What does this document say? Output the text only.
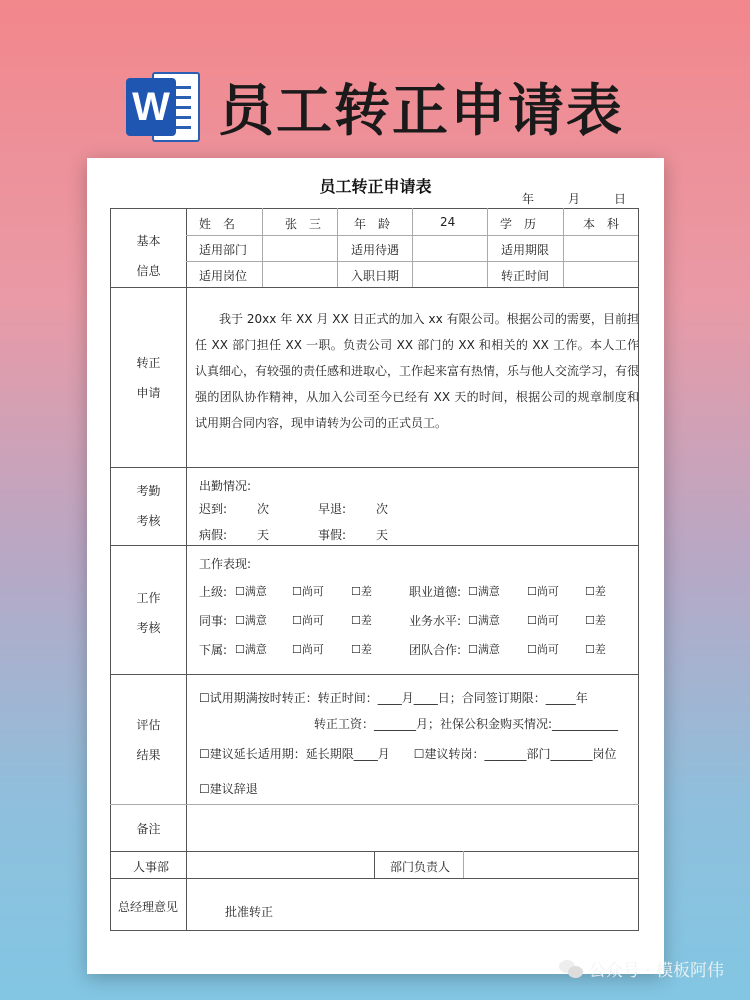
W 员工转正申请表
员工转正申请表
年	月	日
基本
信息
姓　名	张　三	年　龄	24	学　历	本　科
适用部门	适用待遇	适用期限
适用岗位	入职日期	转正时间
转正
申请
我于 20xx 年 XX 月 XX 日正式的加入 xx 有限公司。根据公司的需要，目前担任 XX 部门担任 XX 一职。负责公司 XX 部门的 XX 和相关的 XX 工作。本人工作认真细心，有较强的责任感和进取心，工作起来富有热情，乐与他人交流学习，有很强的团队协作精神，从加入公司至今已经有 XX 天的时间，根据公司的规章制度和试用期合同内容，现申请转为公司的正式员工。
考勤
考核
出勤情况:
迟到: 次	早退: 次
病假: 天	事假: 天
工作
考核
工作表现:
上级: ☐满意 ☐尚可 ☐差	职业道德: ☐满意 ☐尚可 ☐差
同事: ☐满意 ☐尚可 ☐差	业务水平: ☐满意 ☐尚可 ☐差
下属: ☐满意 ☐尚可 ☐差	团队合作: ☐满意 ☐尚可 ☐差
评估
结果
☐试用期满按时转正：转正时间：____月____日；合同签订期限：_____年
转正工资：_______月；社保公积金购买情况:___________
☐建议延长适用期：延长期限____月　　☐建议转岗：_______部门_______岗位
☐建议辞退
备注
人事部	部门负责人
总经理意见	批准转正
公众号 · 模板阿伟
